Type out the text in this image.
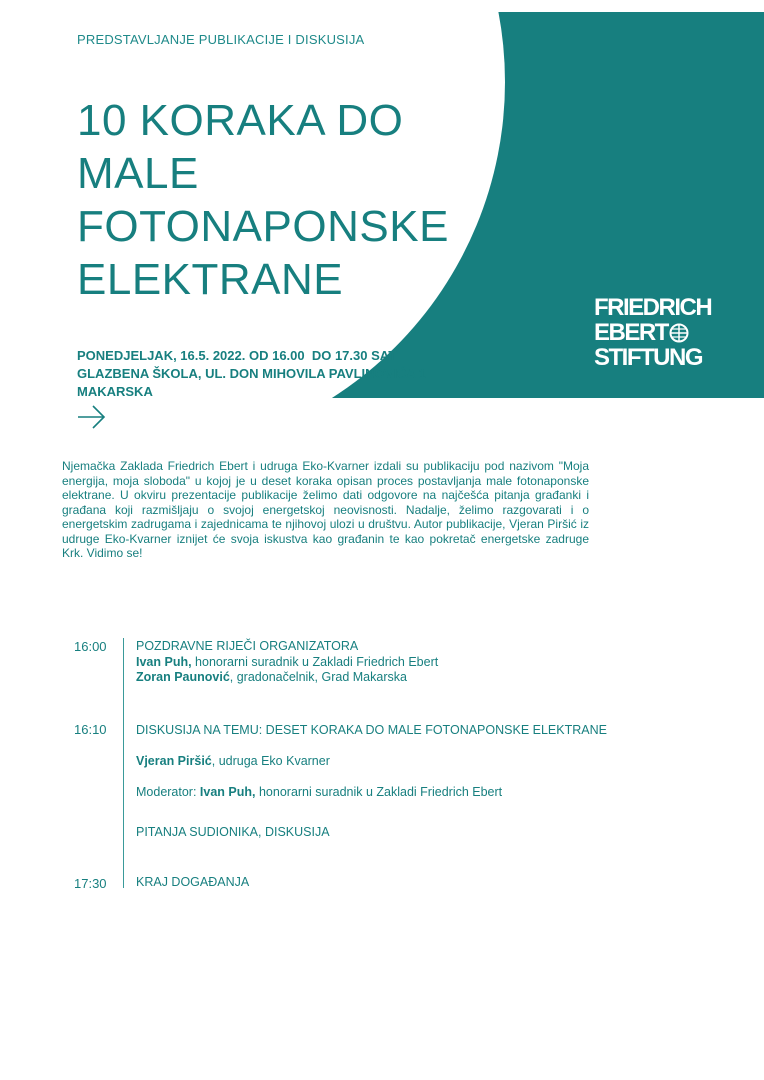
PREDSTAVLJANJE PUBLIKACIJE I DISKUSIJA
10 KORAKA DO
MALE
FOTONAPONSKE
ELEKTRANE
FRIEDRICH
EBERT
STIFTUNG
PONEDJELJAK, 16.5. 2022. OD 16.00  DO 17.30 SATI
GLAZBENA ŠKOLA, UL. DON MIHOVILA PAVLINOVIĆA 1
MAKARSKA

Njemačka Zaklada Friedrich Ebert i udruga Eko-Kvarner izdali su publikaciju pod nazivom "Moja energija, moja sloboda" u kojoj je u deset koraka opisan proces postavljanja male fotonaponske elektrane. U okviru prezentacije publikacije želimo dati odgovore na najčešća pitanja građanki i građana koji razmišljaju o svojoj energetskoj neovisnosti. Nadalje, želimo razgovarati i o energetskim zadrugama i zajednicama te njihovoj ulozi u društvu. Autor publikacije, Vjeran Piršić iz udruge Eko-Kvarner iznijet će svoja iskustva kao građanin te kao pokretač energetske zadruge Krk. Vidimo se!

16:00 POZDRAVNE RIJEČI ORGANIZATORA
Ivan Puh, honorarni suradnik u Zakladi Friedrich Ebert
Zoran Paunović, gradonačelnik, Grad Makarska
16:10 DISKUSIJA NA TEMU: DESET KORAKA DO MALE FOTONAPONSKE ELEKTRANE
Vjeran Piršić, udruga Eko Kvarner
Moderator: Ivan Puh, honorarni suradnik u Zakladi Friedrich Ebert
PITANJA SUDIONIKA, DISKUSIJA
17:30 KRAJ DOGAĐANJA
